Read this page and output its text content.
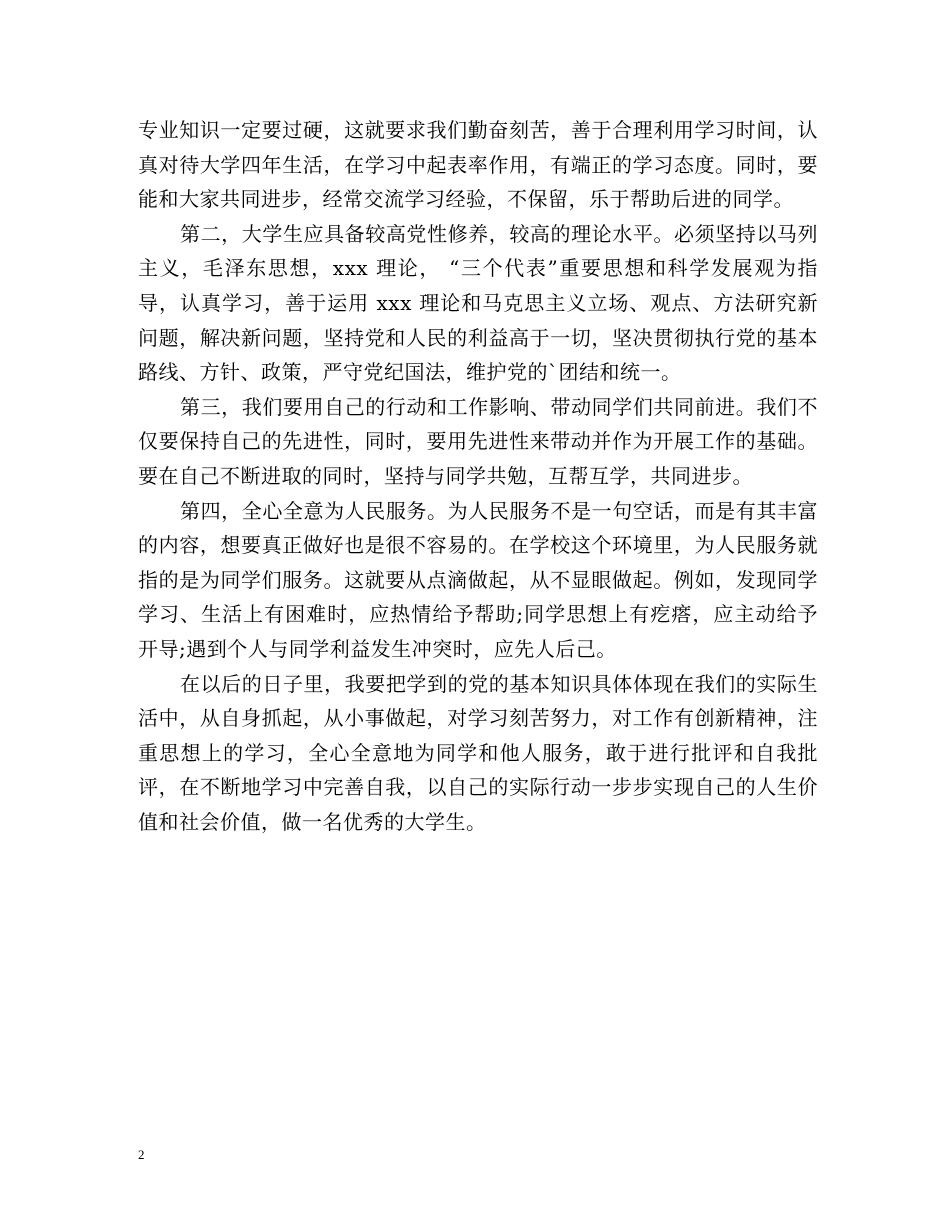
专业知识一定要过硬，这就要求我们勤奋刻苦，善于合理利用学习时间，认真对待大学四年生活，在学习中起表率作用，有端正的学习态度。同时，要能和大家共同进步，经常交流学习经验，不保留，乐于帮助后进的同学。

第二，大学生应具备较高党性修养，较高的理论水平。必须坚持以马列主义，毛泽东思想，xxx 理论， “三个代表”重要思想和科学发展观为指导，认真学习，善于运用 xxx 理论和马克思主义立场、观点、方法研究新问题，解决新问题，坚持党和人民的利益高于一切，坚决贯彻执行党的基本路线、方针、政策，严守党纪国法，维护党的`团结和统一。

第三，我们要用自己的行动和工作影响、带动同学们共同前进。我们不仅要保持自己的先进性，同时，要用先进性来带动并作为开展工作的基础。要在自己不断进取的同时，坚持与同学共勉，互帮互学，共同进步。

第四，全心全意为人民服务。为人民服务不是一句空话，而是有其丰富的内容，想要真正做好也是很不容易的。在学校这个环境里，为人民服务就指的是为同学们服务。这就要从点滴做起，从不显眼做起。例如，发现同学学习、生活上有困难时，应热情给予帮助;同学思想上有疙瘩，应主动给予开导;遇到个人与同学利益发生冲突时，应先人后己。

在以后的日子里，我要把学到的党的基本知识具体体现在我们的实际生活中，从自身抓起，从小事做起，对学习刻苦努力，对工作有创新精神，注重思想上的学习，全心全意地为同学和他人服务，敢于进行批评和自我批评，在不断地学习中完善自我，以自己的实际行动一步步实现自己的人生价值和社会价值，做一名优秀的大学生。

2
